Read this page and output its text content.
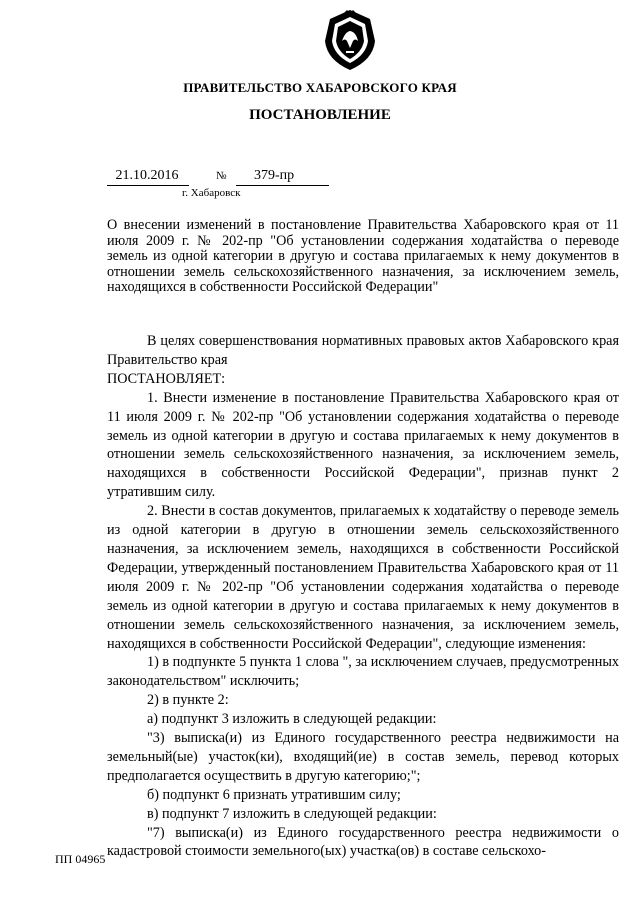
ПРАВИТЕЛЬСТВО ХАБАРОВСКОГО КРАЯ
ПОСТАНОВЛЕНИЕ
21.10.2016	№	379-пр
г. Хабаровск
О внесении изменений в постановление Правительства Хабаровского края от 11 июля 2009 г. № 202-пр "Об установлении содержания ходатайства о переводе земель из одной категории в другую и состава прилагаемых к нему документов в отношении земель сельскохозяйственного назначения, за исключением земель, находящихся в собственности Российской Федерации"

В целях совершенствования нормативных правовых актов Хабаровского края Правительство края

ПОСТАНОВЛЯЕТ:

1. Внести изменение в постановление Правительства Хабаровского края от 11 июля 2009 г. № 202-пр "Об установлении содержания ходатайства о переводе земель из одной категории в другую и состава прилагаемых к нему документов в отношении земель сельскохозяйственного назначения, за исключением земель, находящихся в собственности Российской Федерации", признав пункт 2 утратившим силу.

2. Внести в состав документов, прилагаемых к ходатайству о переводе земель из одной категории в другую в отношении земель сельскохозяйственного назначения, за исключением земель, находящихся в собственности Российской Федерации, утвержденный постановлением Правительства Хабаровского края от 11 июля 2009 г. № 202-пр "Об установлении содержания ходатайства о переводе земель из одной категории в другую и состава прилагаемых к нему документов в отношении земель сельскохозяйственного назначения, за исключением земель, находящихся в собственности Российской Федерации", следующие изменения:

1) в подпункте 5 пункта 1 слова ", за исключением случаев, предусмотренных законодательством" исключить;

2) в пункте 2:

а) подпункт 3 изложить в следующей редакции:

"3) выписка(и) из Единого государственного реестра недвижимости на земельный(ые) участок(ки), входящий(ие) в состав земель, перевод которых предполагается осуществить в другую категорию;";

б) подпункт 6 признать утратившим силу;

в) подпункт 7 изложить в следующей редакции:

"7) выписка(и) из Единого государственного реестра недвижимости о кадастровой стоимости земельного(ых) участка(ов) в составе сельскохо-

ПП 04965
